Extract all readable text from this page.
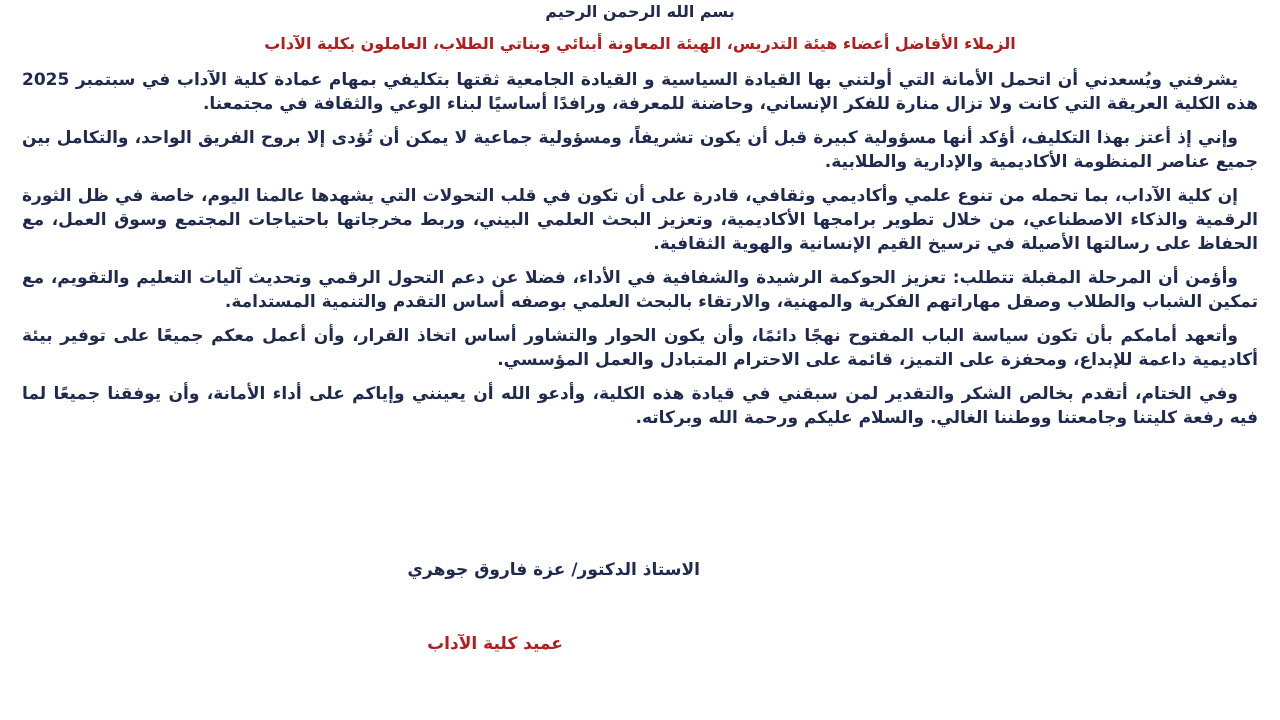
بسم الله الرحمن الرحيم
الزملاء الأفاضل أعضاء هيئة التدريس، الهيئة المعاونة أبنائي وبناتي الطلاب، العاملون بكلية الآداب

يشرفني ويُسعدني أن اتحمل الأمانة التي أولتني بها القيادة السياسية و القيادة الجامعية ثقتها بتكليفي بمهام عمادة كلية الآداب في سبتمبر 2025 هذه الكلية العريقة التي كانت ولا تزال منارة للفكر الإنساني، وحاضنة للمعرفة، ورافدًا أساسيًا لبناء الوعي والثقافة في مجتمعنا.

وإني إذ أعتز بهذا التكليف، أؤكد أنها مسؤولية كبيرة قبل أن يكون تشريفاً، ومسؤولية جماعية لا يمكن أن تُؤدى إلا بروح الفريق الواحد، والتكامل بين جميع عناصر المنظومة الأكاديمية والإدارية والطلابية.

إن كلية الآداب، بما تحمله من تنوع علمي وأكاديمي وثقافي، قادرة على أن تكون في قلب التحولات التي يشهدها عالمنا اليوم، خاصة في ظل الثورة الرقمية والذكاء الاصطناعي، من خلال تطوير برامجها الأكاديمية، وتعزيز البحث العلمي البيني، وربط مخرجاتها باحتياجات المجتمع وسوق العمل، مع الحفاظ على رسالتها الأصيلة في ترسيخ القيم الإنسانية والهوية الثقافية.

وأؤمن أن المرحلة المقبلة تتطلب: تعزيز الحوكمة الرشيدة والشفافية في الأداء، فضلا عن دعم التحول الرقمي وتحديث آليات التعليم والتقويم، مع تمكين الشباب والطلاب وصقل مهاراتهم الفكرية والمهنية، والارتقاء بالبحث العلمي بوصفه أساس التقدم والتنمية المستدامة.

وأتعهد أمامكم بأن تكون سياسة الباب المفتوح نهجًا دائمًا، وأن يكون الحوار والتشاور أساس اتخاذ القرار، وأن أعمل معكم جميعًا على توفير بيئة أكاديمية داعمة للإبداع، ومحفزة على التميز، قائمة على الاحترام المتبادل والعمل المؤسسي.

وفي الختام، أتقدم بخالص الشكر والتقدير لمن سبقني في قيادة هذه الكلية، وأدعو الله أن يعينني وإياكم على أداء الأمانة، وأن يوفقنا جميعًا لما فيه رفعة كليتنا وجامعتنا ووطننا الغالي. والسلام عليكم ورحمة الله وبركاته.

الاستاذ الدكتور/ عزة فاروق جوهري
عميد كلية الآداب
